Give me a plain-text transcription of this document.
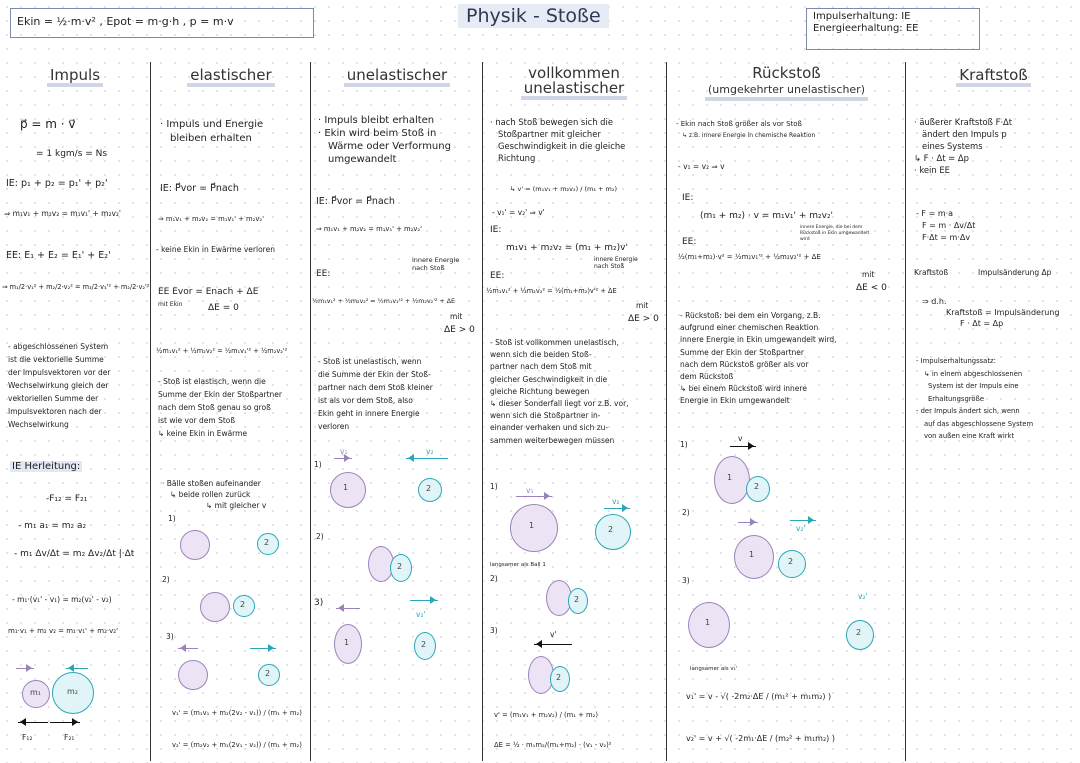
Ekin = ½·m·v² , Epot = m·g·h , p = m·v	Physik - Stoße	Impulserhaltung: IE
Energieerhaltung: EE
Impuls	elastischer	unelastischer	vollkommen
unelastischer
Rückstoß
(umgekehrter unelastischer)
Kraftstoß
p⃗ = m · v⃗
= 1 kgm/s = Ns
IE: p₁ + p₂ = p₁' + p₂'
⇒ m₁v₁ + m₂v₂ = m₁v₁' + m₂v₂'
EE: E₁ + E₂ = E₁' + E₂'
⇒ m₁/2·v₁² + m₂/2·v₂² = m₁/2·v₁'² + m₂/2·v₂'²
- abgeschlossenen System
ist die vektorielle Summe
der Impulsvektoren vor der
Wechselwirkung gleich der
vektoriellen Summe der
Impulsvektoren nach der
Wechselwirkung
IE Herleitung:
-F₁₂ = F₂₁
- m₁ a₁ = m₂ a₂
- m₁ Δv/Δt = m₂ Δv₂/Δt |·Δt
- m₁·(v₁' - v₁) = m₂(v₂' - v₂)
m₁·v₁ + m₂ v₂ = m₁·v₁' + m₂·v₂'
m₁	m₂
F₁₂	F₂₁
· Impuls und Energie
bleiben erhalten
IE: P⃗vor = P⃗nach
⇒ m₁v₁ + m₂v₂ = m₁v₁' + m₂v₂'
- keine Ekin in Ewärme verloren
EE Evor = Enach + ΔE
mit Ekin	ΔE = 0
½m₁v₁² + ½m₂v₂² = ½m₁v₁'² + ½m₂v₂'²
- Stoß ist elastisch, wenn die
Summe der Ekin der Stoßpartner
nach dem Stoß genau so groß
ist wie vor dem Stoß
↳ keine Ekin in Ewärme
· Bälle stoßen aufeinander
↳ beide rollen zurück
↳ mit gleicher v
1)
2
2)
2
3)
2
v₁' = (m₁v₁ + m₂(2v₂ - v₁)) / (m₁ + m₂)
v₂' = (m₂v₂ + m₁(2v₁ - v₂)) / (m₁ + m₂)
· Impuls bleibt erhalten
· Ekin wird beim Stoß in
Wärme oder Verformung
umgewandelt
IE: P⃗vor = P⃗nach
⇒ m₁v₁ + m₂v₂ = m₁v₁' + m₂v₂'
innere Energie nach Stoß
EE:
½m₁v₁² + ½m₂v₂² = ½m₁v₁'² + ½m₂v₂'² + ΔE
mit
ΔE > 0
- Stoß ist unelastisch, wenn
die Summe der Ekin der Stoß-
partner nach dem Stoß kleiner
ist als vor dem Stoß, also
Ekin geht in innere Energie
verloren
1)
v₁	v₂
1	2
2)
2
3)
v₂'
1	2
· nach Stoß bewegen sich die
Stoßpartner mit gleicher
Geschwindigkeit in die gleiche
Richtung
↳ v' = (m₁v₁ + m₂v₂) / (m₁ + m₂)
- v₁' = v₂' ⇒ v'
IE:
m₁v₁ + m₂v₂ = (m₁ + m₂)v'
innere Energie nach Stoß
EE:
½m₁v₁² + ½m₂v₂² = ½(m₁+m₂)v'² + ΔE
mit
ΔE > 0
- Stoß ist vollkommen unelastisch,
wenn sich die beiden Stoß-
partner nach dem Stoß mit
gleicher Geschwindigkeit in die
gleiche Richtung bewegen
↳ dieser Sonderfall liegt vor z.B. vor,
wenn sich die Stoßpartner in-
einander verhaken und sich zu-
sammen weiterbewegen müssen
1)	v₁
v₂
1	2
langsamer als Ball 1
2)
2
3)	v'
2
v' = (m₁v₁ + m₂v₂) / (m₁ + m₂)
ΔE = ½ · m₁m₂/(m₁+m₂) · (v₁ - v₂)²
- Ekin nach Stoß größer als vor Stoß
↳ z.B. innere Energie in chemische Reaktion
- v₁ = v₂ ⇒ v
IE:
(m₁ + m₂) · v = m₁v₁' + m₂v₂'
innere Energie, die bei dem Rückstoß in Ekin umgewandelt wird
EE:
½(m₁+m₂)·v² = ½m₁v₁'² + ½m₂v₂'² + ΔE
mit
ΔE < 0
- Rückstoß: bei dem ein Vorgang, z.B.
aufgrund einer chemischen Reaktion
innere Energie in Ekin umgewandelt wird,
Summe der Ekin der Stoßpartner
nach dem Rückstoß größer als vor
dem Rückstoß
↳ bei einem Rückstoß wird innere
Energie in Ekin umgewandelt
1)
v
1
2
2)
v₂'
1
2
3)
1
2
v₂'
langsamer als v₁'
v₁' = v - √( -2m₂·ΔE / (m₁² + m₁m₂) )
v₂' = v + √( -2m₁·ΔE / (m₂² + m₁m₂) )
· äußerer Kraftstoß F·Δt
ändert den Impuls p
eines Systems
↳ F · Δt = Δp
· kein EE
- F = m·a
F = m · Δv/Δt
F·Δt = m·Δv
Kraftstoß	Impulsänderung Δp
⇒ d.h.
Kraftstoß = Impulsänderung
F · Δt = Δp
- Impulserhaltungssatz:
↳ in einem abgeschlossenen
System ist der Impuls eine
Erhaltungsgröße
- der Impuls ändert sich, wenn
auf das abgeschlossene System
von außen eine Kraft wirkt
